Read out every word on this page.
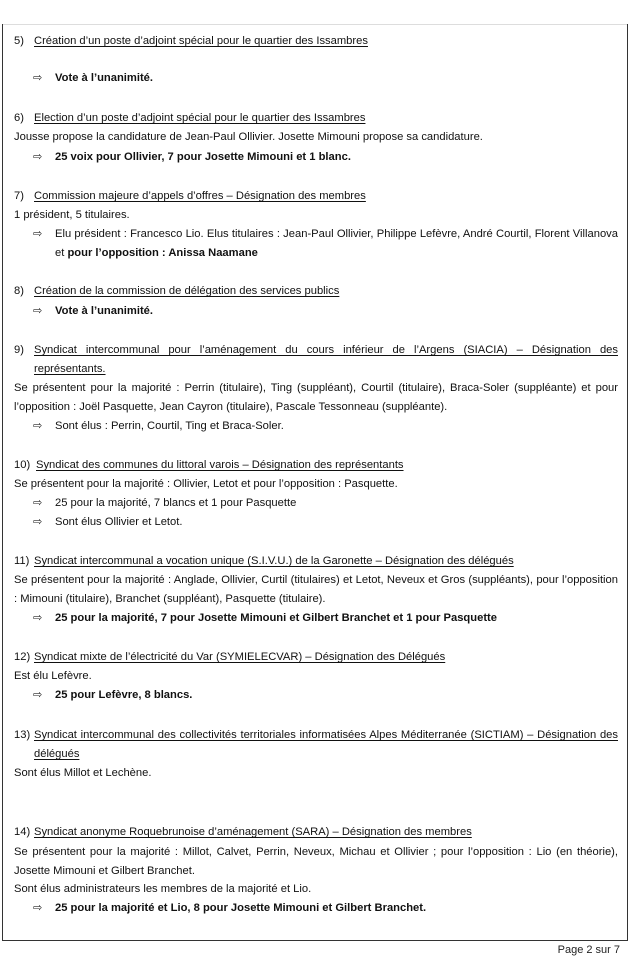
5) Création d’un poste d’adjoint spécial pour le quartier des Issambres
⇨	Vote à l’unanimité.
6) Election d’un poste d’adjoint spécial pour le quartier des Issambres

Jousse propose la candidature de Jean-Paul Ollivier. Josette Mimouni propose sa candidature.

⇨	25 voix pour Ollivier, 7 pour Josette Mimouni et 1 blanc.
7) Commission majeure d’appels d’offres – Désignation des membres

1 président, 5 titulaires.

⇨	Elu président : Francesco Lio. Elus titulaires : Jean-Paul Ollivier, Philippe Lefèvre, André Courtil, Florent Villanova et pour l’opposition : Anissa Naamane
8) Création de la commission de délégation des services publics
⇨	Vote à l’unanimité.
9) Syndicat intercommunal pour l’aménagement du cours inférieur de l’Argens (SIACIA) – Désignation des représentants.

Se présentent pour la majorité : Perrin (titulaire), Ting (suppléant), Courtil (titulaire), Braca-Soler (suppléante) et pour l’opposition : Joël Pasquette, Jean Cayron (titulaire), Pascale Tessonneau (suppléante).

⇨	Sont élus : Perrin, Courtil, Ting et Braca-Soler.
10) Syndicat des communes du littoral varois – Désignation des représentants

Se présentent pour la majorité : Ollivier, Letot et pour l’opposition : Pasquette.

⇨	25 pour la majorité, 7 blancs et 1 pour Pasquette
⇨	Sont élus Ollivier et Letot.
11) Syndicat intercommunal a vocation unique (S.I.V.U.) de la Garonette – Désignation des délégués

Se présentent pour la majorité : Anglade, Ollivier, Curtil (titulaires) et Letot, Neveux et Gros (suppléants), pour l’opposition : Mimouni (titulaire), Branchet (suppléant), Pasquette (titulaire).

⇨	25 pour la majorité, 7 pour Josette Mimouni et Gilbert Branchet et 1 pour Pasquette
12) Syndicat mixte de l’électricité du Var (SYMIELECVAR) – Désignation des Délégués

Est élu Lefèvre.

⇨	25 pour Lefèvre, 8 blancs.
13) Syndicat intercommunal des collectivités territoriales informatisées Alpes Méditerranée (SICTIAM) – Désignation des délégués

Sont élus Millot et Lechène.

14) Syndicat anonyme Roquebrunoise d’aménagement (SARA) – Désignation des membres

Se présentent pour la majorité : Millot, Calvet, Perrin, Neveux, Michau et Ollivier ; pour l’opposition : Lio (en théorie), Josette Mimouni et Gilbert Branchet.

Sont élus administrateurs les membres de la majorité et Lio.

⇨	25 pour la majorité et Lio, 8 pour Josette Mimouni et Gilbert Branchet.
Page 2 sur 7
